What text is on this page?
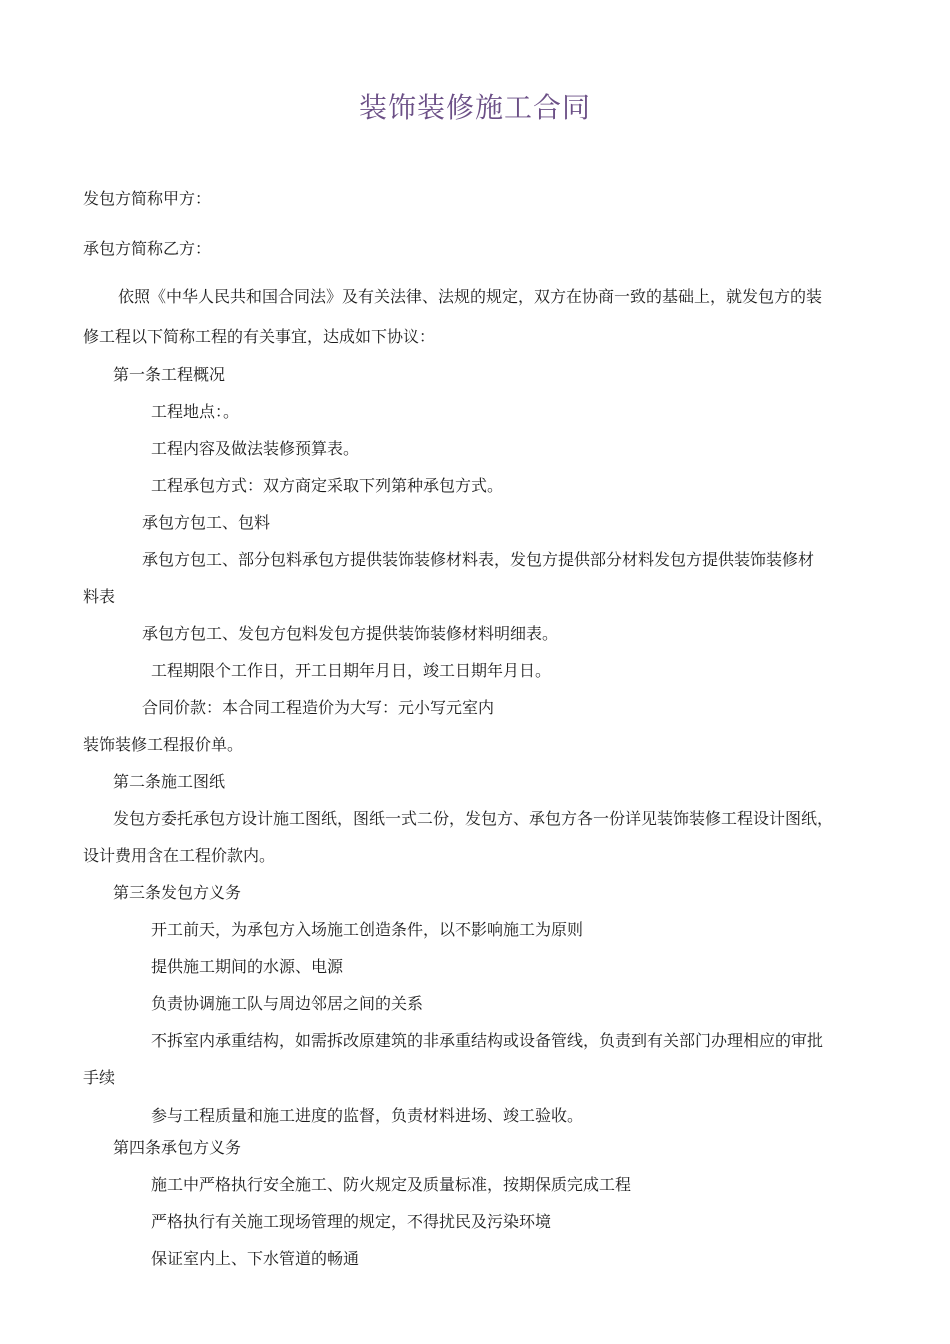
装饰装修施工合同
发包方简称甲方：
承包方简称乙方：
依照《中华人民共和国合同法》及有关法律、法规的规定，双方在协商一致的基础上，就发包方的装
修工程以下简称工程的有关事宜，达成如下协议：
第一条工程概况
工程地点：。
工程内容及做法装修预算表。
工程承包方式：双方商定采取下列第种承包方式。
承包方包工、包料
承包方包工、部分包料承包方提供装饰装修材料表，发包方提供部分材料发包方提供装饰装修材
料表
承包方包工、发包方包料发包方提供装饰装修材料明细表。
工程期限个工作日，开工日期年月日，竣工日期年月日。
合同价款：本合同工程造价为大写：元小写元室内
装饰装修工程报价单。
第二条施工图纸
发包方委托承包方设计施工图纸，图纸一式二份，发包方、承包方各一份详见装饰装修工程设计图纸，
设计费用含在工程价款内。
第三条发包方义务
开工前天，为承包方入场施工创造条件，以不影响施工为原则
提供施工期间的水源、电源
负责协调施工队与周边邻居之间的关系
不拆室内承重结构，如需拆改原建筑的非承重结构或设备管线，负责到有关部门办理相应的审批
手续
参与工程质量和施工进度的监督，负责材料进场、竣工验收。
第四条承包方义务
施工中严格执行安全施工、防火规定及质量标准，按期保质完成工程
严格执行有关施工现场管理的规定，不得扰民及污染环境
保证室内上、下水管道的畅通
